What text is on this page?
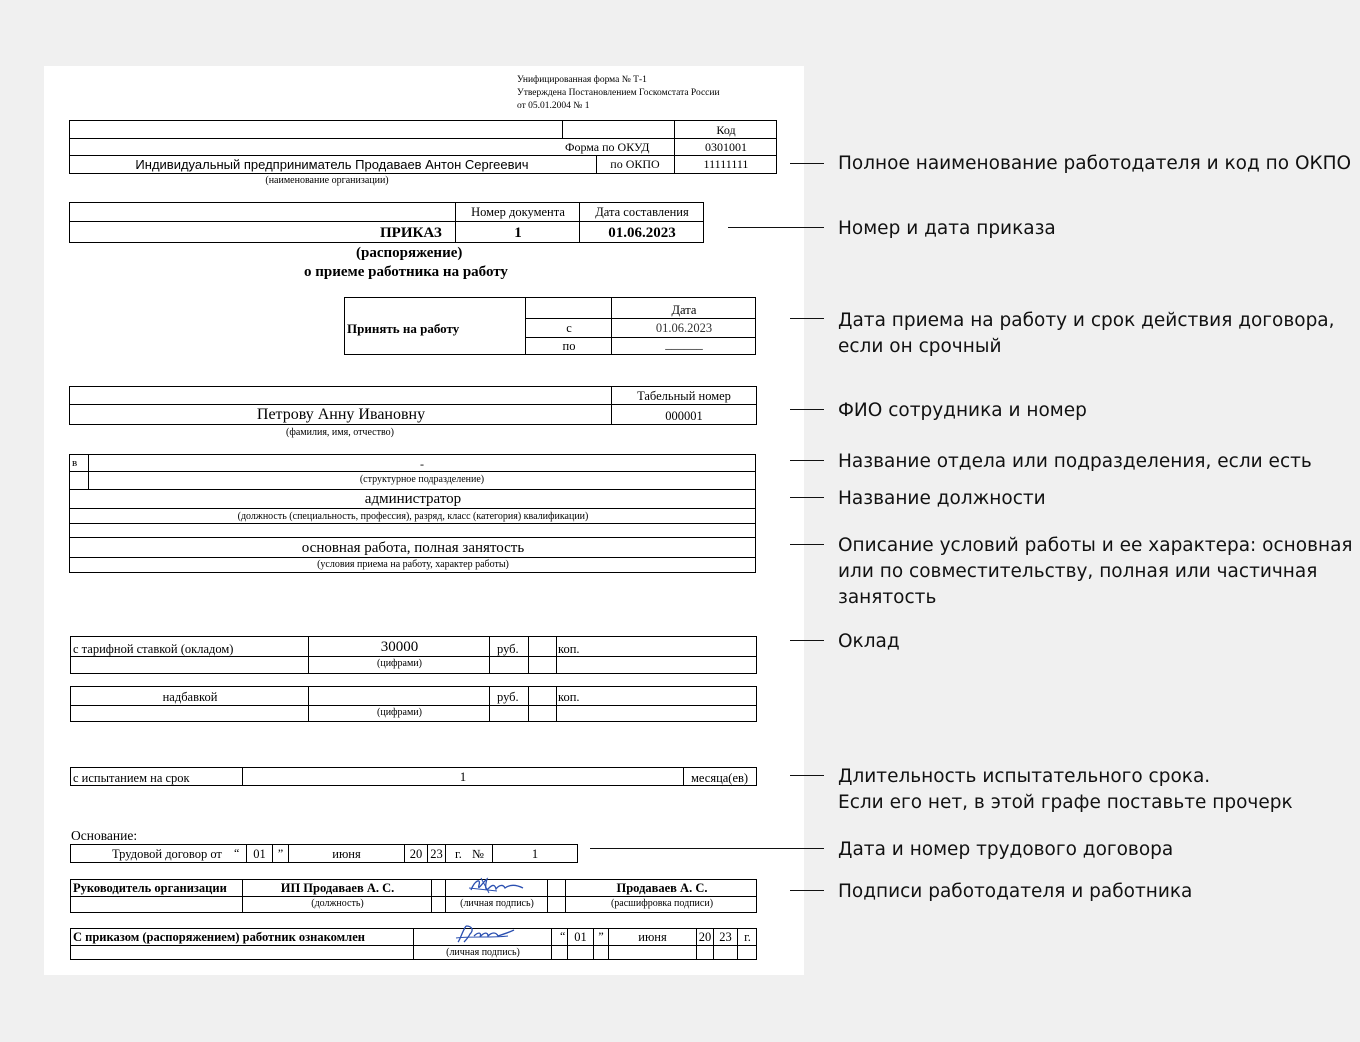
Унифицированная форма № Т-1
Утверждена Постановлением Госкомстата России
от 05.01.2004 № 1
Код
Форма по ОКУД	0301001
Индивидуальный предприниматель Продаваев Антон Сергеевич	по ОКПО	11111111
(наименование организации)
Номер документа	Дата составления
ПРИКАЗ	1	01.06.2023
(распоряжение)
о приеме работника на работу
Дата
Принять на работу	с	01.06.2023
по	______
Табельный номер
Петрову Анну Ивановну	000001
(фамилия, имя, отчество)
в	-
(структурное подразделение)
администратор
(должность (специальность, профессия), разряд, класс (категория) квалификации)
основная работа, полная занятость
(условия приема на работу, характер работы)
с тарифной ставкой (окладом)	30000	руб.	коп.
(цифрами)
надбавкой	руб.	коп.
(цифрами)
с испытанием на срок	1	месяца(ев)
Основание:
Трудовой договор от “	01	”	июня	20 23 г. №	1
Руководитель организации	ИП Продаваев А. С.	Продаваев А. С.
(должность)	(личная подпись)	(расшифровка подписи)
С приказом (распоряжением) работник ознакомлен
(личная подпись)
“ 01 ”	июня	20 23 г.
Полное наименование работодателя и код по ОКПО
Номер и дата приказа
Дата приема на работу и срок действия договора,
если он срочный
ФИО сотрудника и номер
Название отдела или подразделения, если есть
Название должности
Описание условий работы и ее характера: основная
или по совместительству, полная или частичная
занятость
Оклад
Длительность испытательного срока.
Если его нет, в этой графе поставьте прочерк
Дата и номер трудового договора
Подписи работодателя и работника
